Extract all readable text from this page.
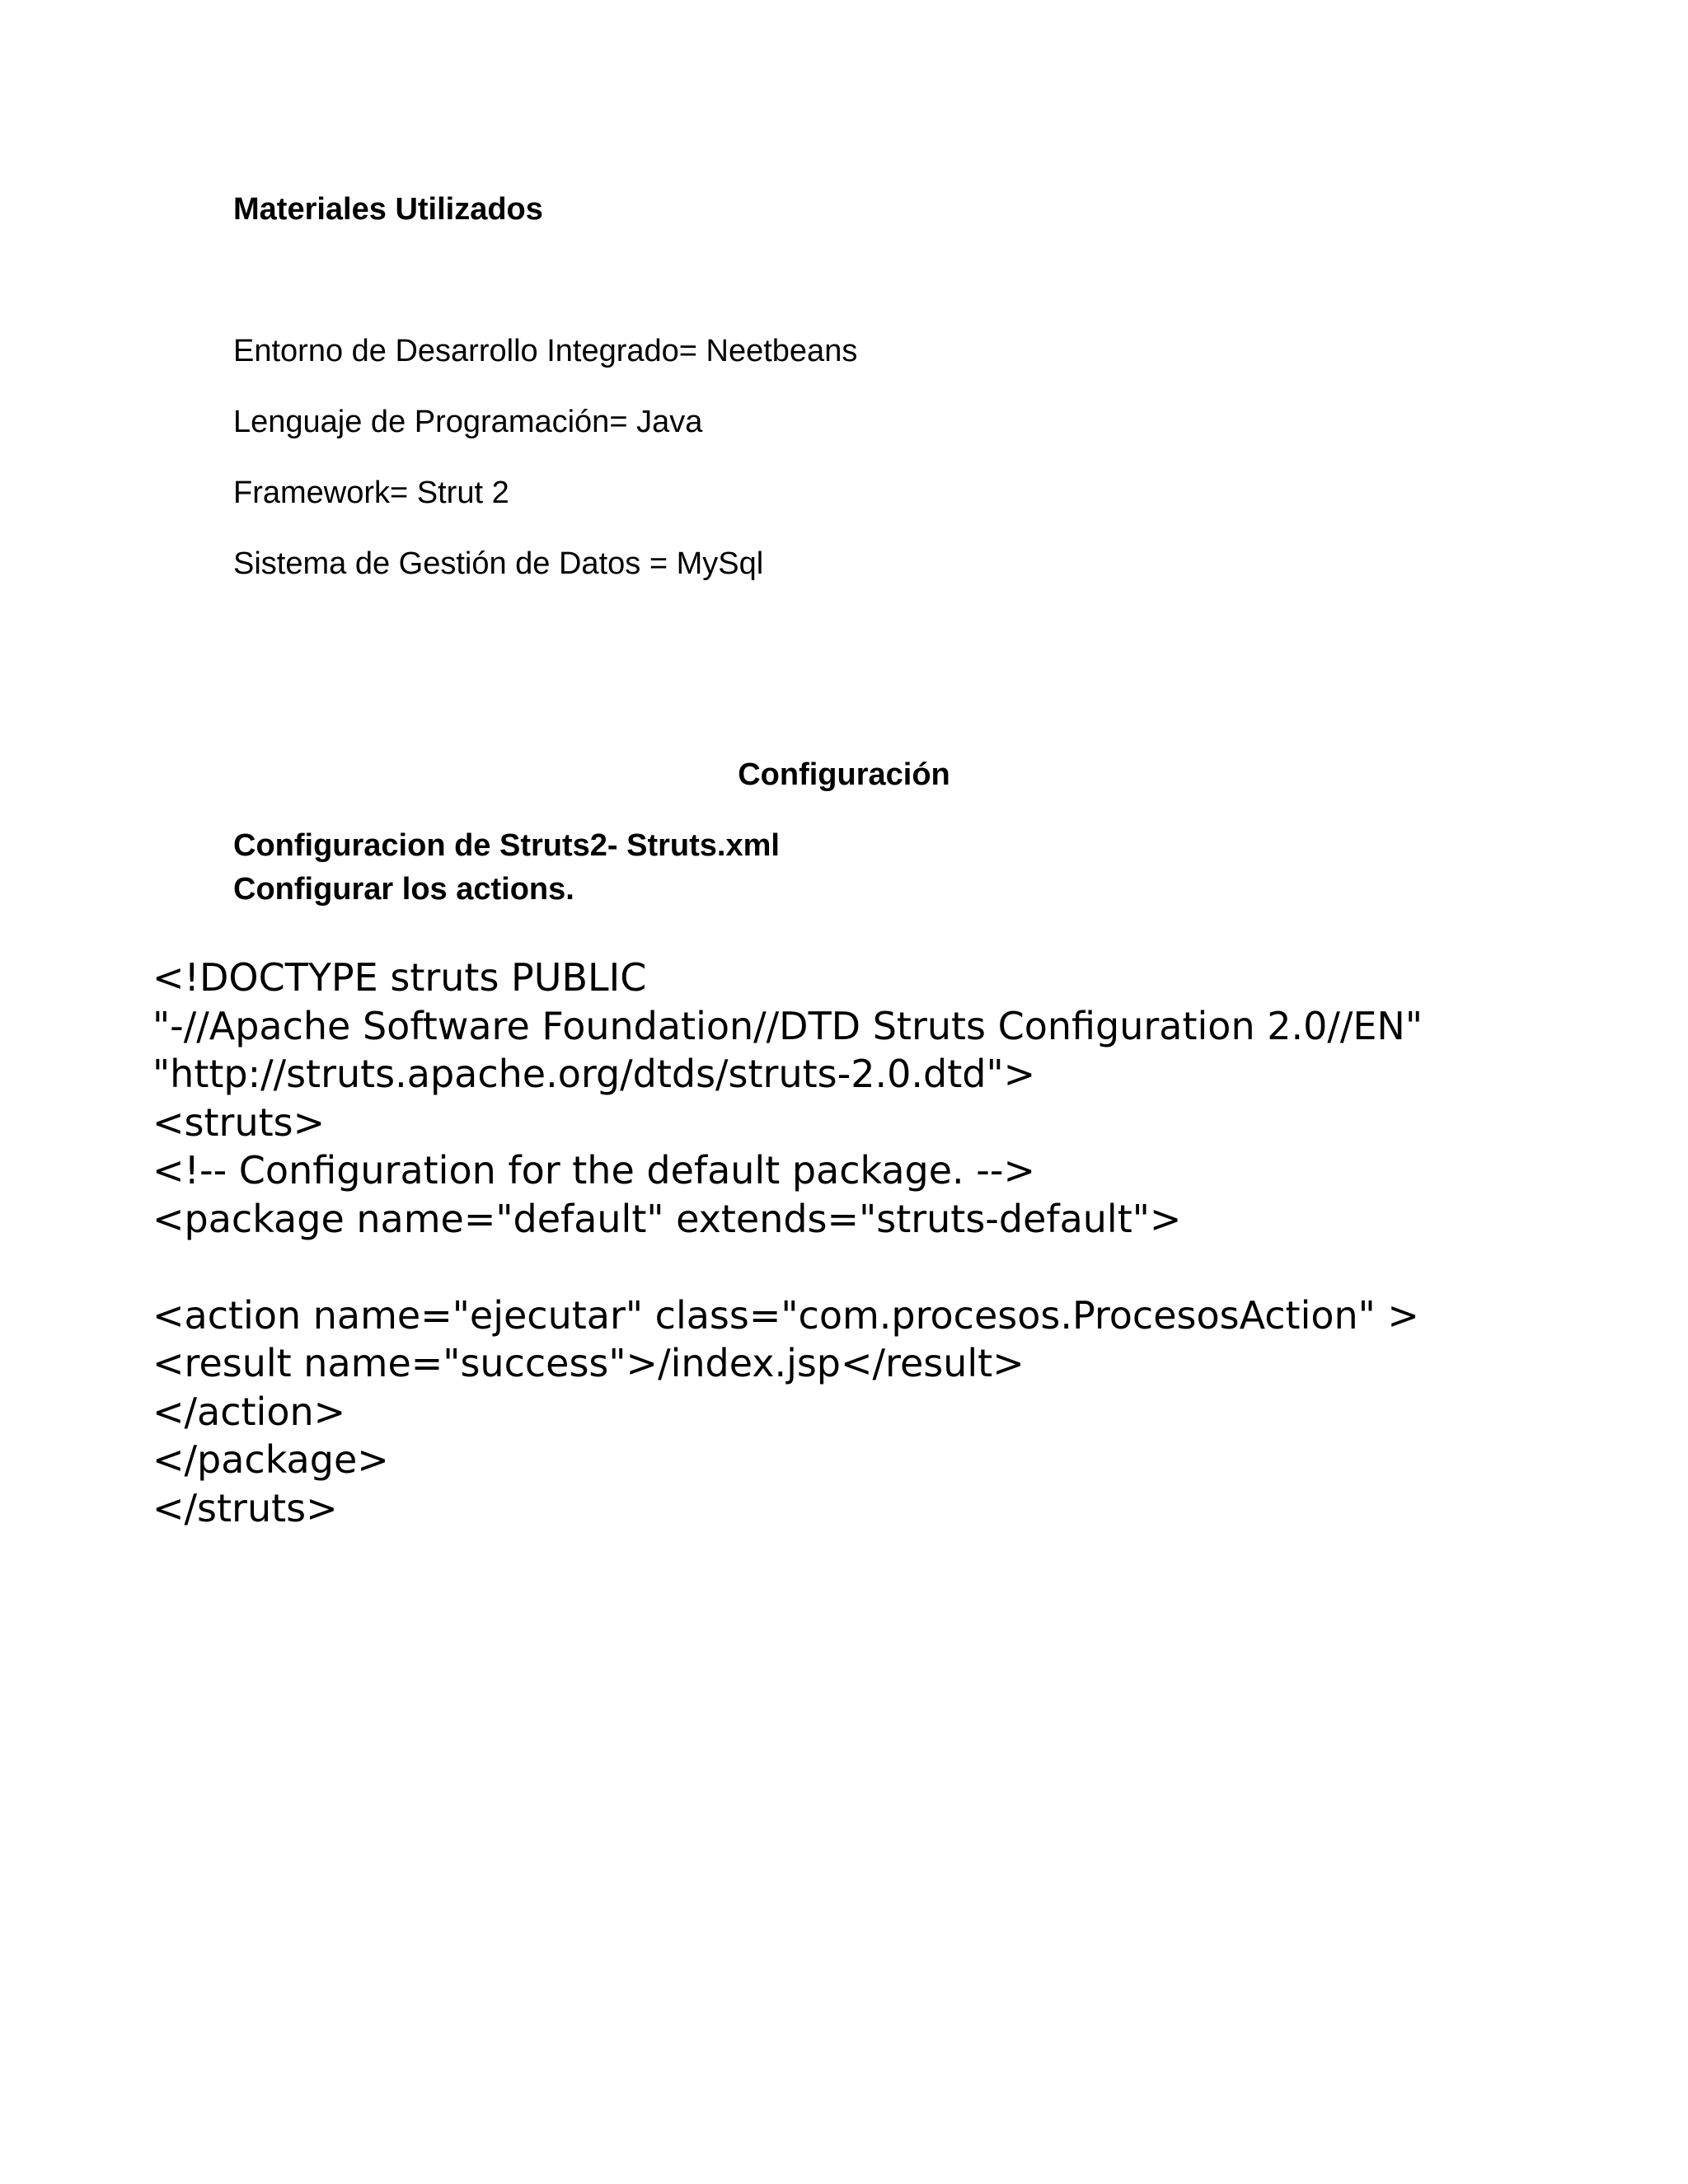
Materiales Utilizados
Entorno de Desarrollo Integrado= Neetbeans
Lenguaje de Programación= Java
Framework= Strut 2
Sistema de Gestión de Datos = MySql
Configuración
Configuracion de Struts2- Struts.xml
Configurar los actions.
<!DOCTYPE struts PUBLIC
"-//Apache Software Foundation//DTD Struts Configuration 2.0//EN"
"http://struts.apache.org/dtds/struts-2.0.dtd">
<struts>
<!-- Configuration for the default package. -->
<package name="default" extends="struts-default">
<action name="ejecutar" class="com.procesos.ProcesosAction" >
<result name="success">/index.jsp</result>
</action>
</package>
</struts>
